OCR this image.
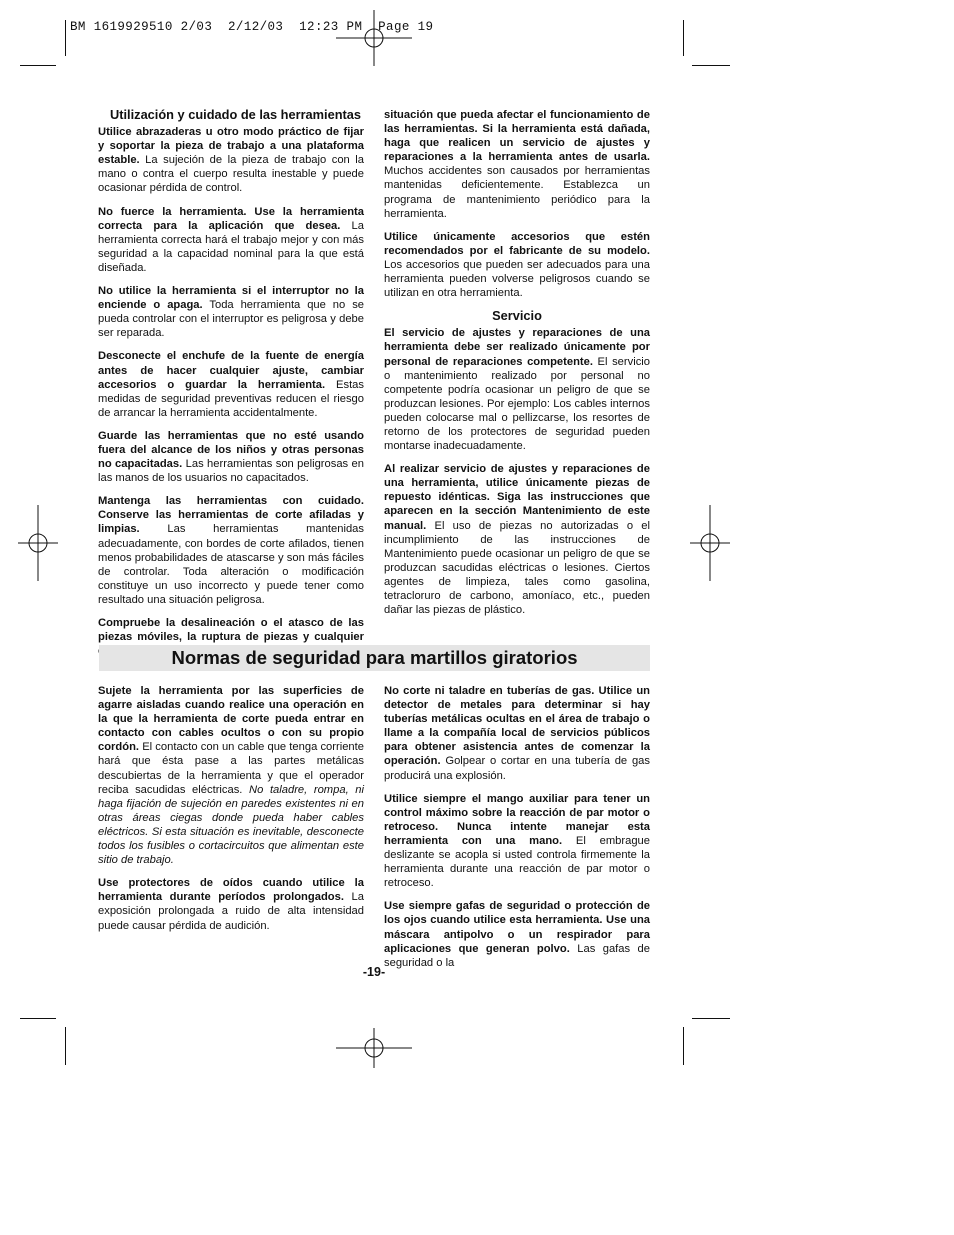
BM 1619929510 2/03  2/12/03  12:23 PM  Page 19
Utilización y cuidado de las herramientas

Utilice abrazaderas u otro modo práctico de fijar y soportar la pieza de trabajo a una plataforma estable. La sujeción de la pieza de trabajo con la mano o contra el cuerpo resulta inestable y puede ocasionar pérdida de control.

No fuerce la herramienta. Use la herramienta correcta para la aplicación que desea. La herramienta correcta hará el trabajo mejor y con más seguridad a la capacidad nominal para la que está diseñada.

No utilice la herramienta si el interruptor no la enciende o apaga. Toda herramienta que no se pueda controlar con el interruptor es peligrosa y debe ser reparada.

Desconecte el enchufe de la fuente de energía antes de hacer cualquier ajuste, cambiar accesorios o guardar la herramienta. Estas medidas de seguridad preventivas reducen el riesgo de arrancar la herramienta accidentalmente.

Guarde las herramientas que no esté usando fuera del alcance de los niños y otras personas no capacitadas. Las herramientas son peligrosas en las manos de los usuarios no capacitados.

Mantenga las herramientas con cuidado. Conserve las herramientas de corte afiladas y limpias. Las herramientas mantenidas adecuadamente, con bordes de corte afilados, tienen menos probabilidades de atascarse y son más fáciles de controlar. Toda alteración o modificación constituye un uso incorrecto y puede tener como resultado una situación peligrosa.

Compruebe la desalineación o el atasco de las piezas móviles, la ruptura de piezas y cualquier

situación que pueda afectar el funcionamiento de las herramientas. Si la herramienta está dañada, haga que realicen un servicio de ajustes y reparaciones a la herramienta antes de usarla. Muchos accidentes son causados por herramientas mantenidas deficientemente. Establezca un programa de mantenimiento periódico para la herramienta.

Utilice únicamente accesorios que estén recomendados por el fabricante de su modelo. Los accesorios que pueden ser adecuados para una herramienta pueden volverse peligrosos cuando se utilizan en otra herramienta.

Servicio

El servicio de ajustes y reparaciones de una herramienta debe ser realizado únicamente por personal de reparaciones competente. El servicio o mantenimiento realizado por personal no competente podría ocasionar un peligro de que se produzcan lesiones. Por ejemplo: Los cables internos pueden colocarse mal o pellizcarse, los resortes de retorno de los protectores de seguridad pueden montarse inadecuadamente.

Al realizar servicio de ajustes y reparaciones de una herramienta, utilice únicamente piezas de repuesto idénticas. Siga las instrucciones que aparecen en la sección Mantenimiento de este manual. El uso de piezas no autorizadas o el incumplimiento de las instrucciones de Mantenimiento puede ocasionar un peligro de que se produzcan sacudidas eléctricas o lesiones. Ciertos agentes de limpieza, tales como gasolina, tetracloruro de carbono, amoníaco, etc., pueden dañar las piezas de plástico.

Normas de seguridad para martillos giratorios

Sujete la herramienta por las superficies de agarre aisladas cuando realice una operación en la que la herramienta de corte pueda entrar en contacto con cables ocultos o con su propio cordón. El contacto con un cable que tenga corriente hará que ésta pase a las partes metálicas descubiertas de la herramienta y que el operador reciba sacudidas eléctricas. No taladre, rompa, ni haga fijación de sujeción en paredes existentes ni en otras áreas ciegas donde pueda haber cables eléctricos. Si esta situación es inevitable, desconecte todos los fusibles o cortacircuitos que alimentan este sitio de trabajo.

Use protectores de oídos cuando utilice la herramienta durante períodos prolongados. La exposición prolongada a ruido de alta intensidad puede causar pérdida de audición.

No corte ni taladre en tuberías de gas. Utilice un detector de metales para determinar si hay tuberías metálicas ocultas en el área de trabajo o llame a la compañía local de servicios públicos para obtener asistencia antes de comenzar la operación. Golpear o cortar en una tubería de gas producirá una explosión.

Utilice siempre el mango auxiliar para tener un control máximo sobre la reacción de par motor o retroceso. Nunca intente manejar esta herramienta con una mano. El embrague deslizante se acopla si usted controla firmemente la herramienta durante una reacción de par motor o retroceso.

Use siempre gafas de seguridad o protección de los ojos cuando utilice esta herramienta. Use una máscara antipolvo o un respirador para aplicaciones que generan polvo. Las gafas de seguridad o la

-19-
